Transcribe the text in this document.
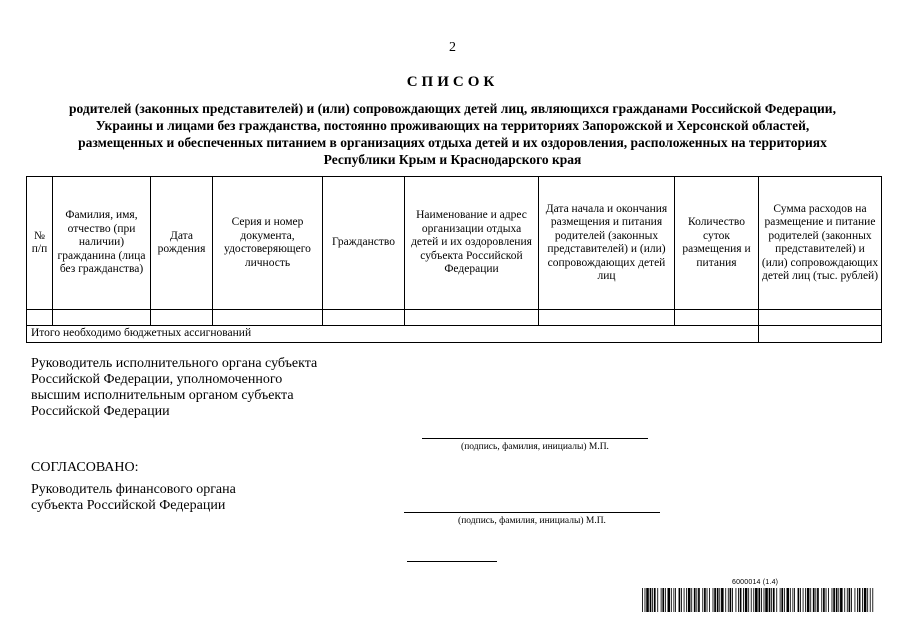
2
СПИСОК
родителей (законных представителей) и (или) сопровождающих детей лиц, являющихся гражданами Российской Федерации, Украины и лицами без гражданства, постоянно проживающих на территориях Запорожской и Херсонской областей, размещенных и обеспеченных питанием в организациях отдыха детей и их оздоровления, расположенных на территориях Республики Крым и Краснодарского края
№ п/п	Фамилия, имя, отчество (при наличии) гражданина (лица без гражданства)	Дата рождения	Серия и номер документа, удостоверяющего личность	Гражданство	Наименование и адрес организации отдыха детей и их оздоровления субъекта Российской Федерации	Дата начала и окончания размещения и питания родителей (законных представителей) и (или) сопровождающих детей лиц	Количество суток размещения и питания	Сумма расходов на размещение и питание родителей (законных представителей) и (или) сопровождающих детей лиц (тыс. рублей)

Итого необходимо бюджетных ассигнований								
Руководитель исполнительного органа субъекта Российской Федерации, уполномоченного высшим исполнительным органом субъекта Российской Федерации
(подпись, фамилия, инициалы) М.П.
СОГЛАСОВАНО:
Руководитель финансового органа субъекта Российской Федерации
(подпись, фамилия, инициалы) М.П.
6000014 (1.4)
